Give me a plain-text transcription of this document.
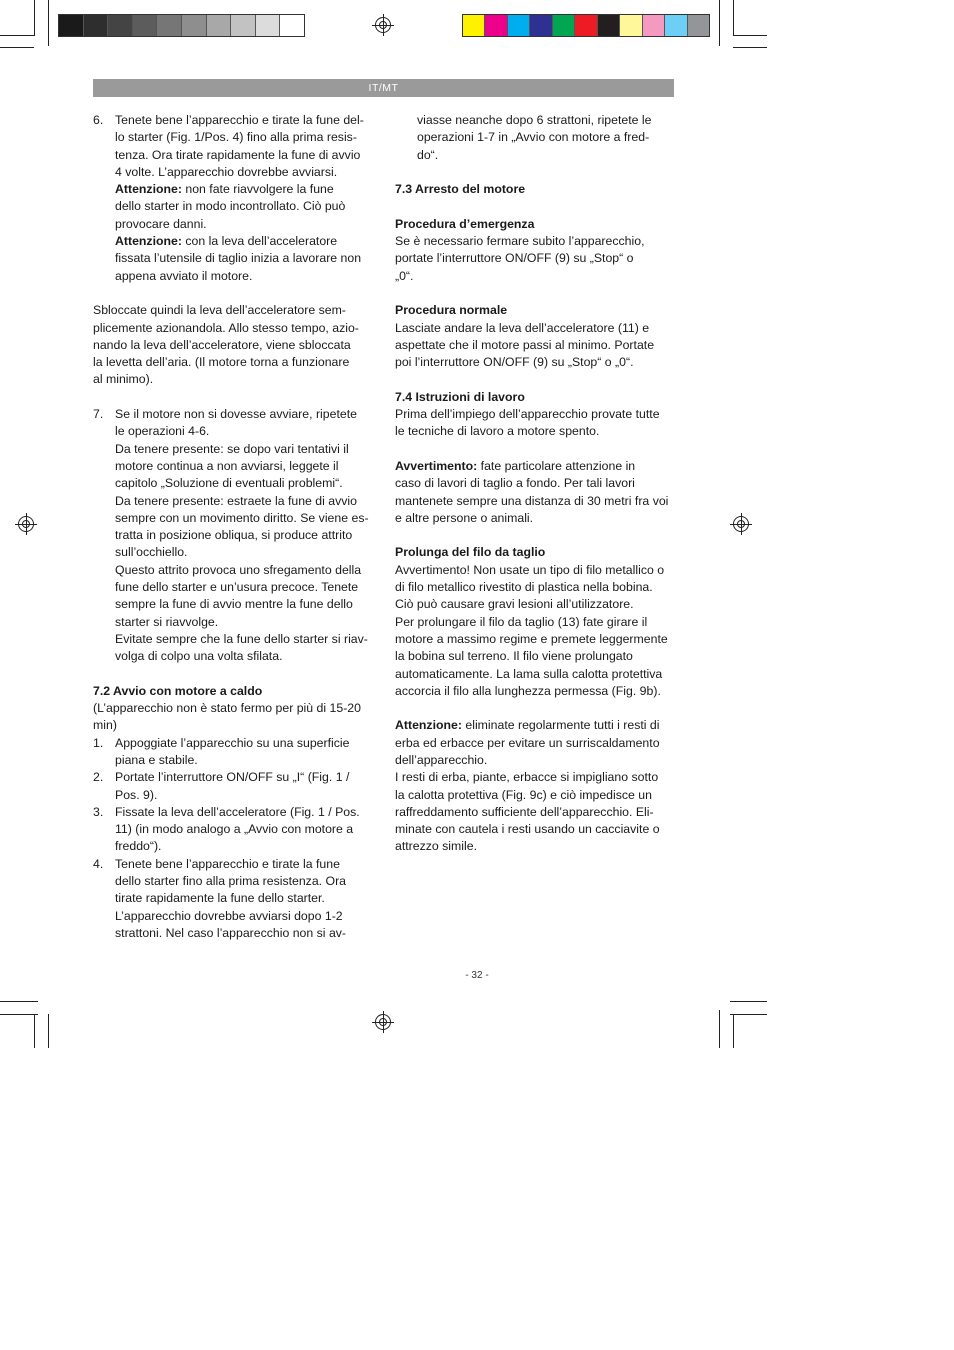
IT/MT
6. Tenete bene l’apparecchio e tirate la fune del-

lo starter (Fig. 1/Pos. 4) fino alla prima resis-

tenza. Ora tirate rapidamente la fune di avvio

4 volte. L’apparecchio dovrebbe avviarsi.

Attenzione: non fate riavvolgere la fune

dello starter in modo incontrollato. Ciò può

provocare danni.

Attenzione: con la leva dell’acceleratore

fissata l’utensile di taglio inizia a lavorare non

appena avviato il motore.

Sbloccate quindi la leva dell’acceleratore sem-

plicemente azionandola. Allo stesso tempo, azio-

nando la leva dell’acceleratore, viene sbloccata

la levetta dell’aria. (Il motore torna a funzionare

al minimo).

7. Se il motore non si dovesse avviare, ripetete

le operazioni 4-6.

Da tenere presente: se dopo vari tentativi il

motore continua a non avviarsi, leggete il

capitolo „Soluzione di eventuali problemi“.

Da tenere presente: estraete la fune di avvio

sempre con un movimento diritto. Se viene es-

tratta in posizione obliqua, si produce attrito

sull’occhiello.

Questo attrito provoca uno sfregamento della

fune dello starter e un’usura precoce. Tenete

sempre la fune di avvio mentre la fune dello

starter si riavvolge.

Evitate sempre che la fune dello starter si riav-

volga di colpo una volta sfilata.

7.2 Avvio con motore a caldo

(L’apparecchio non è stato fermo per più di 15-20

min)

1. Appoggiate l’apparecchio su una superficie

piana e stabile.

2. Portate l’interruttore ON/OFF su „I“ (Fig. 1 /

Pos. 9).

3. Fissate la leva dell’acceleratore (Fig. 1 / Pos.

11) (in modo analogo a „Avvio con motore a

freddo“).

4. Tenete bene l’apparecchio e tirate la fune

dello starter fino alla prima resistenza. Ora

tirate rapidamente la fune dello starter.

L’apparecchio dovrebbe avviarsi dopo 1-2

strattoni. Nel caso l’apparecchio non si av-

viasse neanche dopo 6 strattoni, ripetete le

operazioni 1-7 in „Avvio con motore a fred-

do“.

7.3 Arresto del motore

Procedura d’emergenza

Se è necessario fermare subito l’apparecchio,

portate l’interruttore ON/OFF (9) su „Stop“ o

„0“.

Procedura normale

Lasciate andare la leva dell’acceleratore (11) e

aspettate che il motore passi al minimo. Portate

poi l’interruttore ON/OFF (9) su „Stop“ o „0“.

7.4 Istruzioni di lavoro

Prima dell’impiego dell’apparecchio provate tutte

le tecniche di lavoro a motore spento.

Avvertimento: fate particolare attenzione in

caso di lavori di taglio a fondo. Per tali lavori

mantenete sempre una distanza di 30 metri fra voi

e altre persone o animali.

Prolunga del filo da taglio

Avvertimento! Non usate un tipo di filo metallico o

di filo metallico rivestito di plastica nella bobina.

Ciò può causare gravi lesioni all’utilizzatore.

Per prolungare il filo da taglio (13) fate girare il

motore a massimo regime e premete leggermente

la bobina sul terreno. Il filo viene prolungato

automaticamente. La lama sulla calotta protettiva

accorcia il filo alla lunghezza permessa (Fig. 9b).

Attenzione: eliminate regolarmente tutti i resti di

erba ed erbacce per evitare un surriscaldamento

dell’apparecchio.

I resti di erba, piante, erbacce si impigliano sotto

la calotta protettiva (Fig. 9c) e ciò impedisce un

raffreddamento sufficiente dell’apparecchio. Eli-

minate con cautela i resti usando un cacciavite o

attrezzo simile.

- 32 -
